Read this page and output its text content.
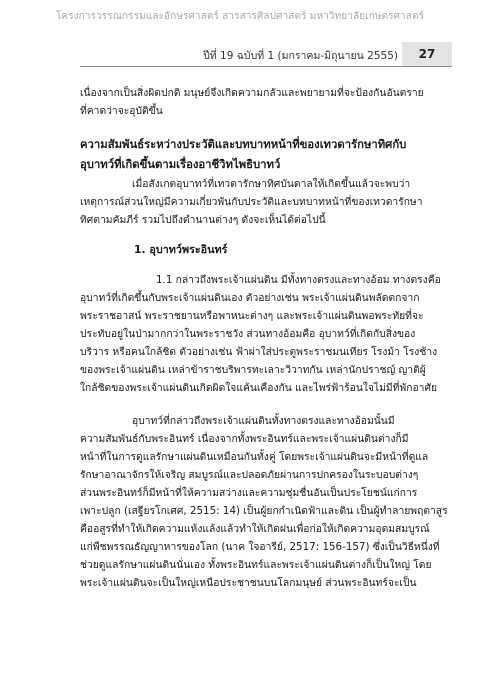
โครงการวรรณกรรมและอักษรศาสตร์ สารสารศิลปศาสตร์ มหาวิทยาลัยเกษตรศาสตร์
ปีที่ 19 ฉบับที่ 1 (มกราคม-มิถุนายน 2555)	27
เนื่องจากเป็นสิ่งผิดปกติ มนุษย์จึงเกิดความกลัวและพยายามที่จะป้องกันอันตราย
ที่คาดว่าจะอุบัติขึ้น
ความสัมพันธ์ระหว่างประวัติและบทบาทหน้าที่ของเทวดารักษาทิศกับ
อุบาทว์ที่เกิดขึ้นตามเรื่องอาชีวิทไพธิบาทว์
เมื่อสังเกตอุบาทว์ที่เทวดารักษาทิศบันดาลให้เกิดขึ้นแล้วจะพบว่า
เหตุการณ์ส่วนใหญ่มีความเกี่ยวพันกับประวัติและบทบาทหน้าที่ของเทวดารักษา
ทิศตามคัมภีร์ รวมไปถึงตำนานต่างๆ ดังจะเห็นได้ต่อไปนี้
1. อุบาทว์พระอินทร์
1.1 กล่าวถึงพระเจ้าแผ่นดิน มีทั้งทางตรงและทางอ้อม ทางตรงคือ
อุบาทว์ที่เกิดขึ้นกับพระเจ้าแผ่นดินเอง ตัวอย่างเช่น พระเจ้าแผ่นดินพลัดตกจาก
พระราชอาสน์ พระราชยานหรือพาหนะต่างๆ และพระเจ้าแผ่นดินพอพระทัยที่จะ
ประทับอยู่ในป่ามากกว่าในพระราชวัง ส่วนทางอ้อมคือ อุบาทว์ที่เกิดกับสิ่งของ
บริวาร หรือคนใกล้ชิด ตัวอย่างเช่น ฟ้าผ่าใส่ประตูพระราชมนเทียร โรงม้า โรงช้าง
ของพระเจ้าแผ่นดิน เหล่าข้าราชบริพารทะเลาะวิวาทกัน เหล่านักปราชญ์ ญาติผู้
ใกล้ชิดของพระเจ้าแผ่นดินเกิดผิดใจแค้นเคืองกัน และไพร่ฟ้าร้อนใจไม่มีที่พักอาศัย
อุบาทว์ที่กล่าวถึงพระเจ้าแผ่นดินทั้งทางตรงและทางอ้อมนั้นมี
ความสัมพันธ์กับพระอินทร์ เนื่องจากทั้งพระอินทร์และพระเจ้าแผ่นดินต่างก็มี
หน้าที่ในการดูแลรักษาแผ่นดินเหมือนกันทั้งคู่ โดยพระเจ้าแผ่นดินจะมีหน้าที่ดูแล
รักษาอาณาจักรให้เจริญ สมบูรณ์และปลอดภัยผ่านการปกครองในระบอบต่างๆ
ส่วนพระอินทร์ก็มีหน้าที่ให้ความสว่างและความชุ่มชื่นอันเป็นประโยชน์แก่การ
เพาะปลูก (เสฐียรโกเศศ, 2515: 14) เป็นผู้ยกกำเนิดฟ้าและดิน เป็นผู้ทำลายพฤตาสูร
คืออสูรที่ทำให้เกิดความแห้งแล้งแล้วทำให้เกิดฝนเพื่อก่อให้เกิดความอุดมสมบูรณ์
แก่พืชพรรณธัญญาหารของโลก (นาค ใจอารีย์, 2517: 156-157) ซึ่งเป็นวิธีหนึ่งที่
ช่วยดูแลรักษาแผ่นดินนั่นเอง ทั้งพระอินทร์และพระเจ้าแผ่นดินต่างก็เป็นใหญ่ โดย
พระเจ้าแผ่นดินจะเป็นใหญ่เหนือประชาชนบนโลกมนุษย์ ส่วนพระอินทร์จะเป็น
